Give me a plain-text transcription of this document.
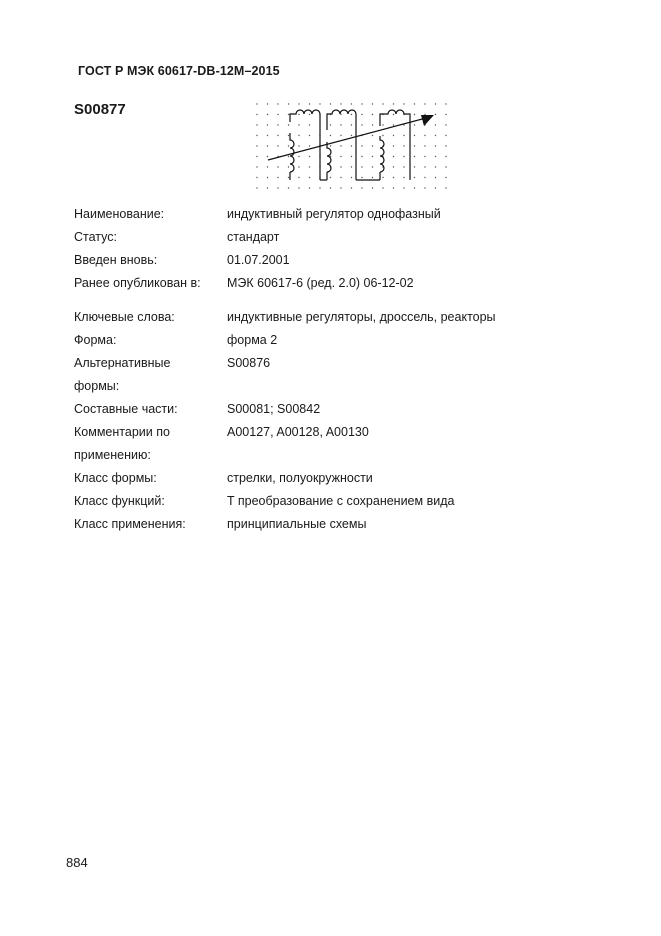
ГОСТ Р МЭК 60617-DB-12M–2015
S00877
Наименование:	индуктивный регулятор однофазный
Статус:	стандарт
Введен вновь:	01.07.2001
Ранее опубликован в:	МЭК 60617-6 (ред. 2.0) 06-12-02
Ключевые слова:	индуктивные регуляторы, дроссель, реакторы
Форма:	форма 2
Альтернативные
формы:
S00876
Составные части:	S00081; S00842
Комментарии по
применению:
A00127, A00128, A00130
Класс формы:	стрелки, полуокружности
Класс функций:	T преобразование с сохранением вида
Класс применения:	принципиальные схемы
884
